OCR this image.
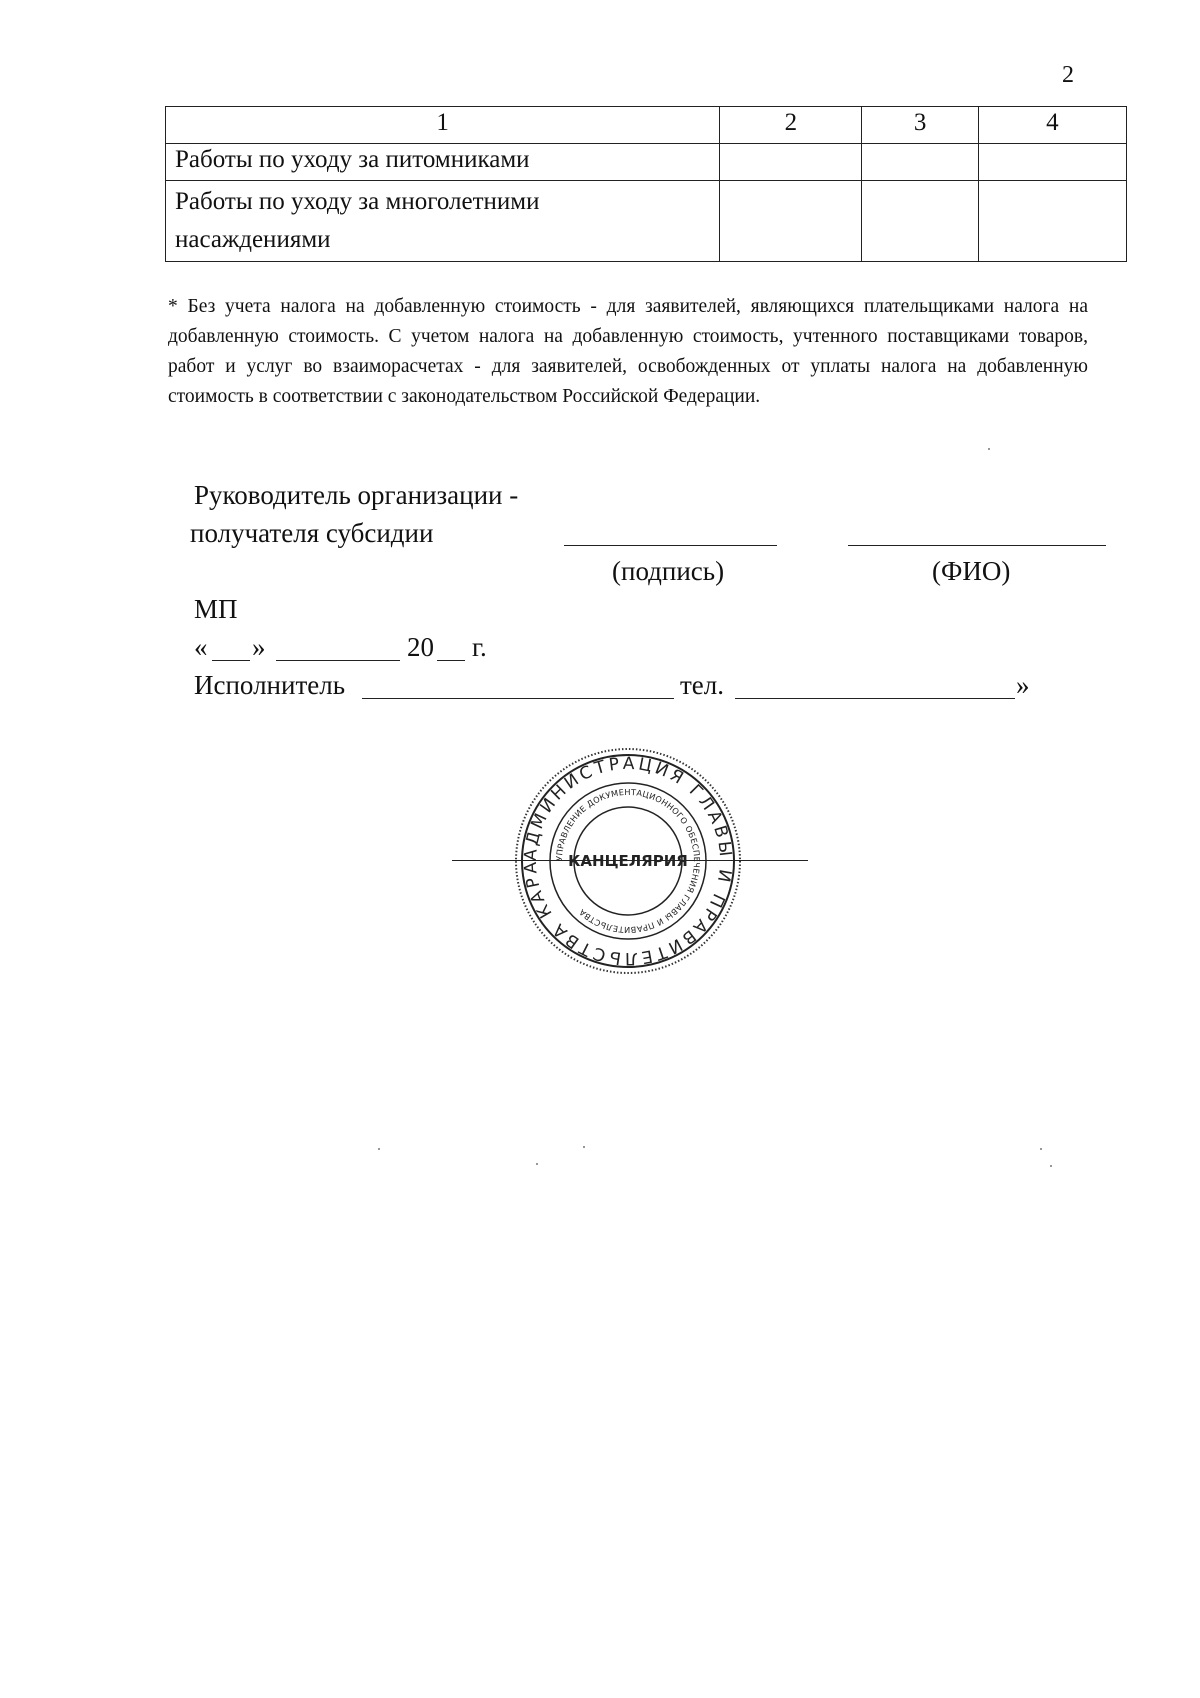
2
1	2	3	4
Работы по уходу за питомниками			

Работы по уходу за многолетними
насаждениями			

* Без учета налога на добавленную стоимость - для заявителей, являющихся плательщиками налога на добавленную стоимость. С учетом налога на добавленную стоимость, учтенного поставщиками товаров, работ и услуг во взаиморасчетах - для заявителей, освобожденных от уплаты налога на добавленную стоимость в соответствии с законодательством Российской Федерации.
Руководитель организации -
получателя субсидии
(подпись)	(ФИО)
МП
« »	20 г.
Исполнитель	тел.	»
АДМИНИСТРАЦИЯ ГЛАВЫ И ПРАВИТЕЛЬСТВА КАРА	УПРАВЛЕНИЕ ДОКУМЕНТАЦИОННОГО ОБЕСПЕЧЕНИЯ ГЛАВЫ И ПРАВИТЕЛЬСТВА
КАНЦЕЛЯРИЯ
